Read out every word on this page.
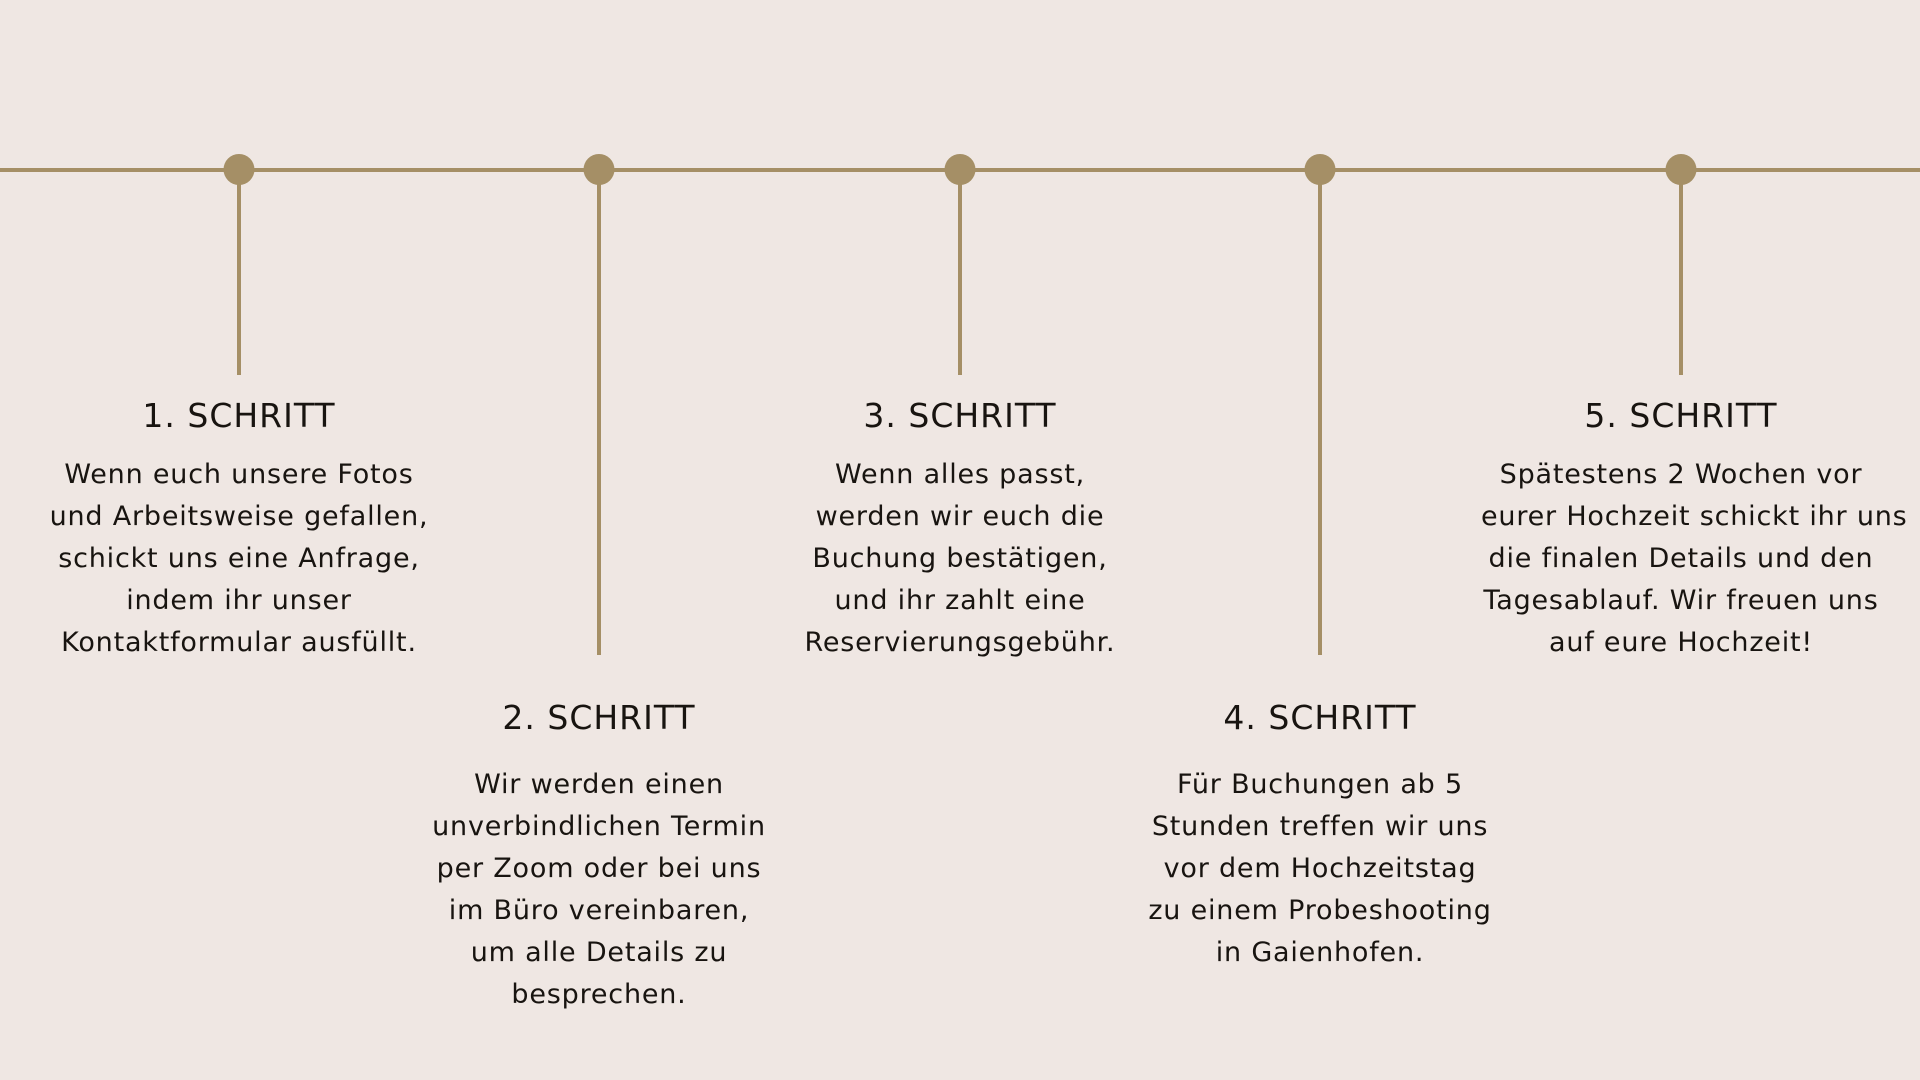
1. SCHRITT

Wenn euch unsere Fotos
und Arbeitsweise gefallen,
schickt uns eine Anfrage,
indem ihr unser
Kontaktformular ausfüllt.

2. SCHRITT

Wir werden einen
unverbindlichen Termin
per Zoom oder bei uns
im Büro vereinbaren,
um alle Details zu
besprechen.

3. SCHRITT

Wenn alles passt,
werden wir euch die
Buchung bestätigen,
und ihr zahlt eine
Reservierungsgebühr.

4. SCHRITT

Für Buchungen ab 5
Stunden treffen wir uns
vor dem Hochzeitstag
zu einem Probeshooting
in Gaienhofen.

5. SCHRITT

Spätestens 2 Wochen vor
eurer Hochzeit schickt ihr uns
die finalen Details und den
Tagesablauf. Wir freuen uns
auf eure Hochzeit!
